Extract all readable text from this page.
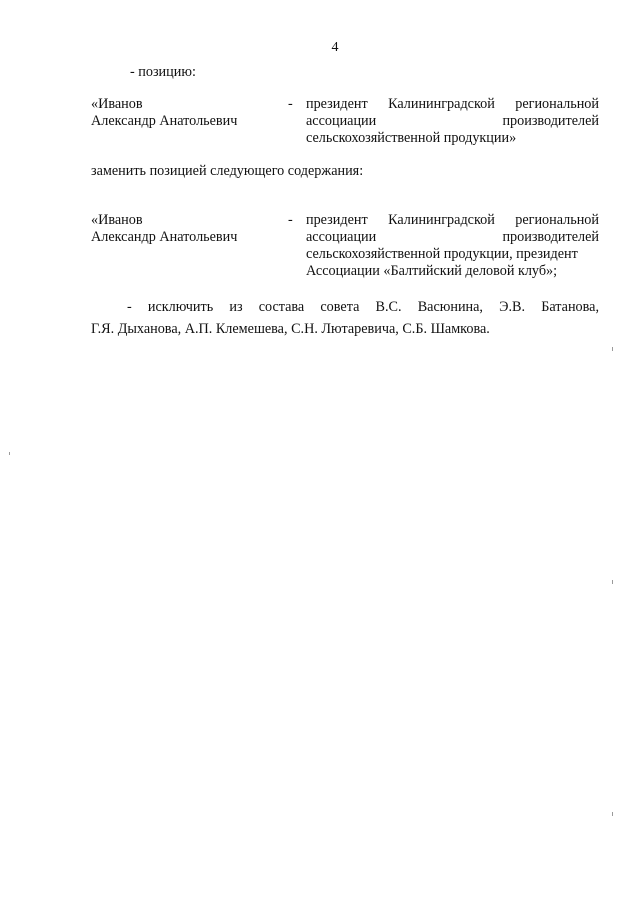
4
- позицию:
«Иванов
Александр Анатольевич
- президент Калининградской региональной
ассоциации производителей
сельскохозяйственной продукции»
заменить позицией следующего содержания:
«Иванов
Александр Анатольевич
- президент Калининградской региональной
ассоциации производителей
сельскохозяйственной продукции, президент
Ассоциации «Балтийский деловой клуб»;
- исключить из состава совета В.С. Васюнина, Э.В. Батанова,
Г.Я. Дыханова, А.П. Клемешева, С.Н. Лютаревича, С.Б. Шамкова.
